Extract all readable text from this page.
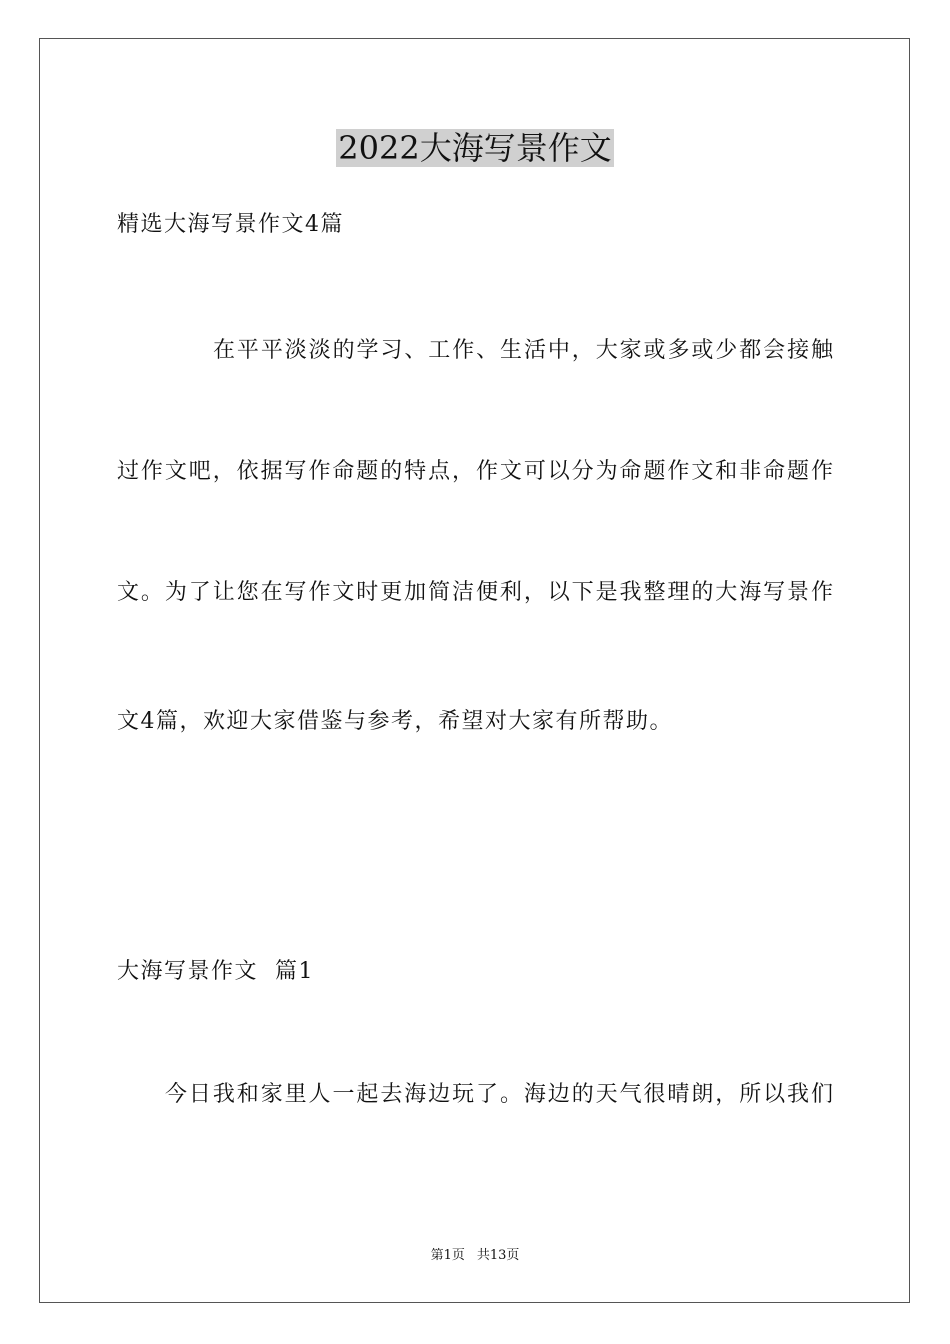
2022大海写景作文

精选大海写景作文4篇

在平平淡淡的学习、工作、生活中，大家或多或少都会接触

过作文吧，依据写作命题的特点，作文可以分为命题作文和非命题作

文。为了让您在写作文时更加简洁便利，以下是我整理的大海写景作

文4篇，欢迎大家借鉴与参考，希望对大家有所帮助。

大海写景作文  篇1

今日我和家里人一起去海边玩了。海边的天气很晴朗，所以我们

第1页 共13页
